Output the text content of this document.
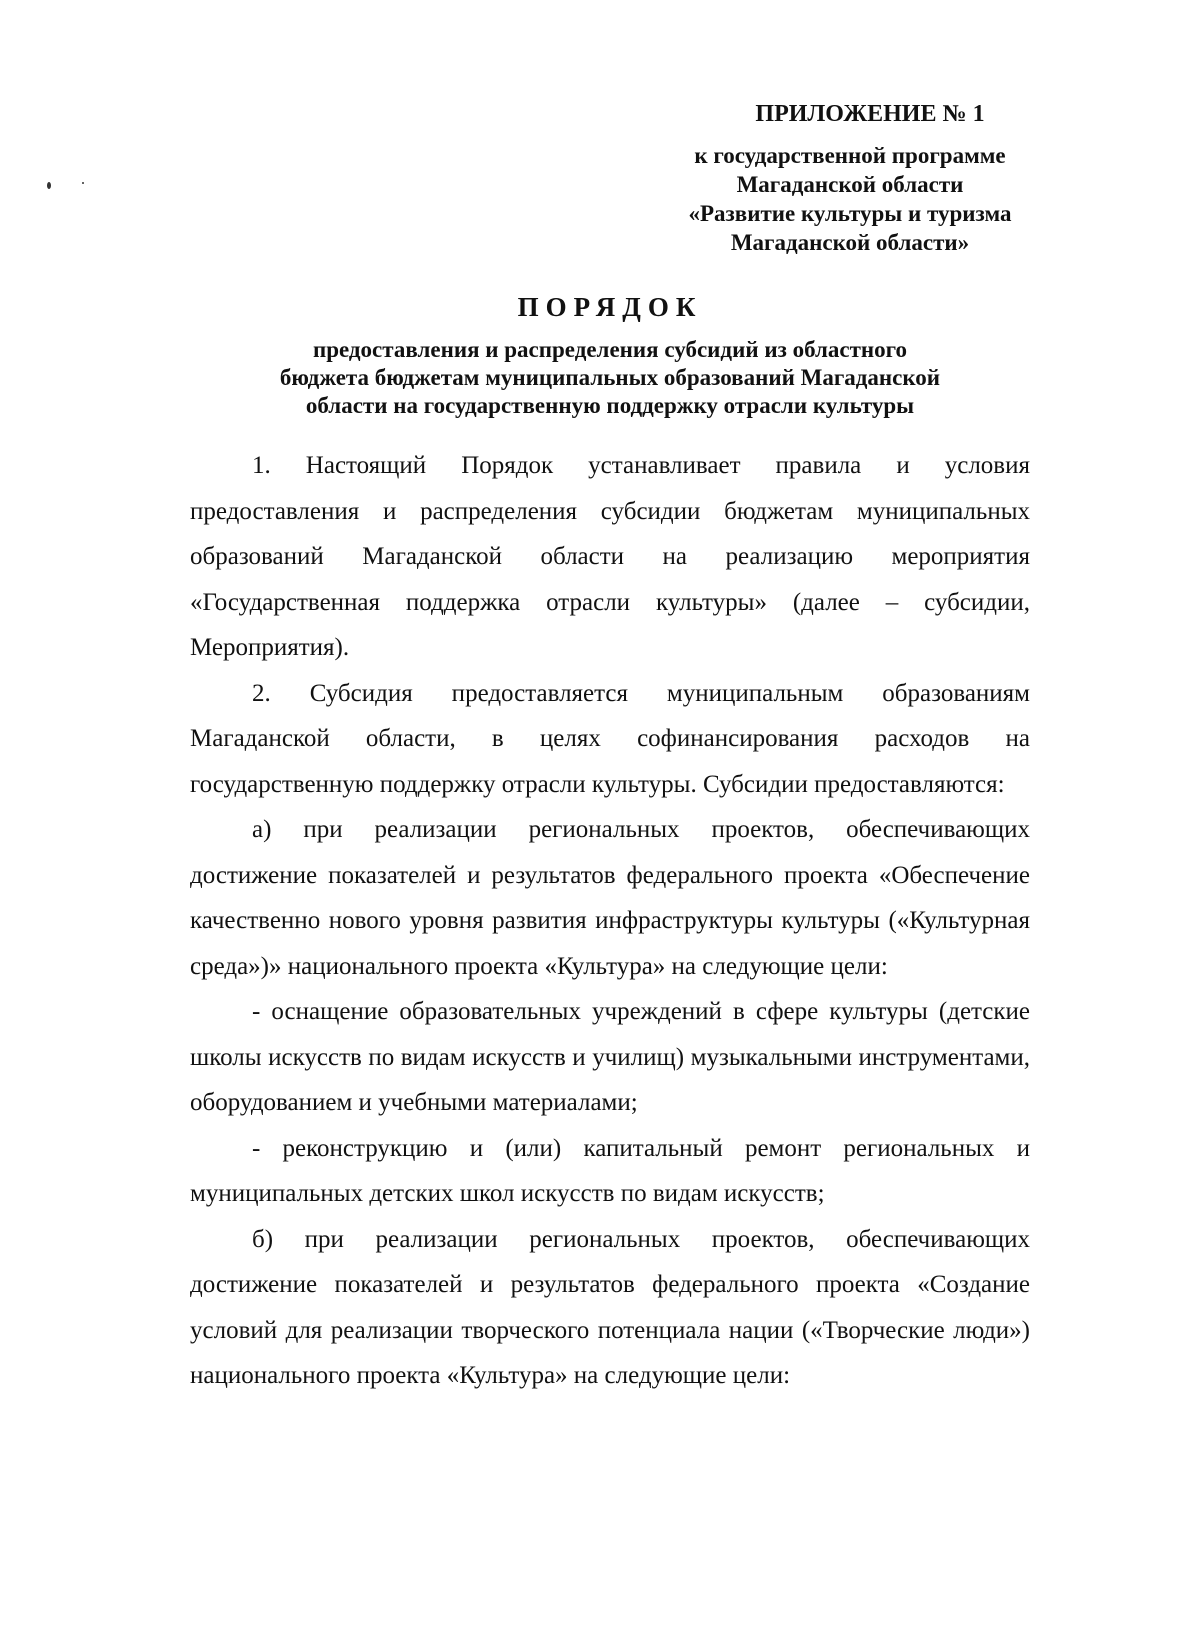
ПРИЛОЖЕНИЕ № 1
к государственной программе
Магаданской области
«Развитие культуры и туризма
Магаданской области»
ПОРЯДОК
предоставления и распределения субсидий из областного
бюджета бюджетам муниципальных образований Магаданской
области на государственную поддержку отрасли культуры

1. Настоящий Порядок устанавливает правила и условия предоставления и распределения субсидии бюджетам муниципальных образований Магаданской области на реализацию мероприятия «Государственная поддержка отрасли культуры» (далее – субсидии, Мероприятия).

2. Субсидия предоставляется муниципальным образованиям Магаданской области, в целях софинансирования расходов на государственную поддержку отрасли культуры. Субсидии предоставляются:

а) при реализации региональных проектов, обеспечивающих достижение показателей и результатов федерального проекта «Обеспечение качественно нового уровня развития инфраструктуры культуры («Культурная среда»)» национального проекта «Культура» на следующие цели:

- оснащение образовательных учреждений в сфере культуры (детские школы искусств по видам искусств и училищ) музыкальными инструментами, оборудованием и учебными материалами;

- реконструкцию и (или) капитальный ремонт региональных и муниципальных детских школ искусств по видам искусств;

б) при реализации региональных проектов, обеспечивающих достижение показателей и результатов федерального проекта «Создание условий для реализации творческого потенциала нации («Творческие люди») национального проекта «Культура» на следующие цели:
